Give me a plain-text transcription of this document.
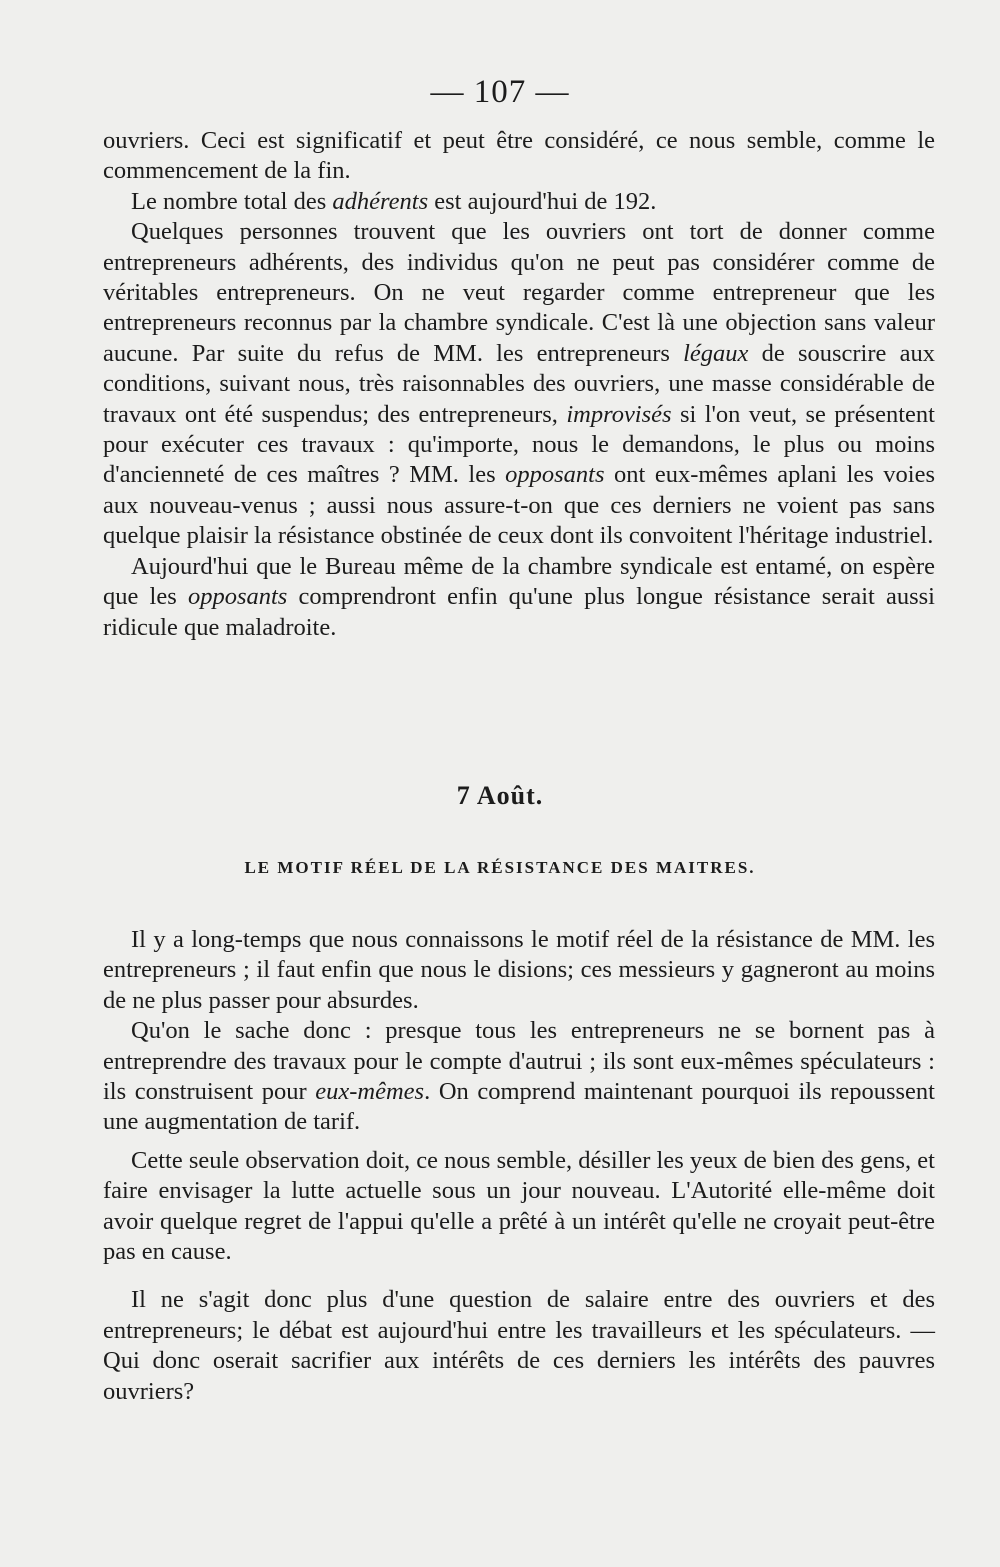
— 107 —

ouvriers. Ceci est significatif et peut être considéré, ce nous semble, comme le commencement de la fin.

Le nombre total des adhérents est aujourd'hui de 192.

Quelques personnes trouvent que les ouvriers ont tort de donner comme entrepreneurs adhérents, des individus qu'on ne peut pas considérer comme de véritables entrepreneurs. On ne veut regarder comme entrepreneur que les entrepreneurs reconnus par la chambre syndicale. C'est là une objection sans valeur aucune. Par suite du refus de MM. les entrepreneurs légaux de souscrire aux conditions, suivant nous, très raisonnables des ouvriers, une masse considérable de travaux ont été suspendus; des entrepreneurs, improvisés si l'on veut, se présentent pour exécuter ces travaux : qu'importe, nous le demandons, le plus ou moins d'ancienneté de ces maîtres ? MM. les opposants ont eux-mêmes aplani les voies aux nouveau-venus ; aussi nous assure-t-on que ces derniers ne voient pas sans quelque plaisir la résistance obstinée de ceux dont ils convoitent l'héritage industriel.

Aujourd'hui que le Bureau même de la chambre syndicale est entamé, on espère que les opposants comprendront enfin qu'une plus longue résistance serait aussi ridicule que maladroite.

7 Août.
LE MOTIF RÉEL DE LA RÉSISTANCE DES MAITRES.

Il y a long-temps que nous connaissons le motif réel de la résistance de MM. les entrepreneurs ; il faut enfin que nous le disions; ces messieurs y gagneront au moins de ne plus passer pour absurdes.

Qu'on le sache donc : presque tous les entrepreneurs ne se bornent pas à entreprendre des travaux pour le compte d'autrui ; ils sont eux-mêmes spéculateurs : ils construisent pour eux-mêmes. On comprend maintenant pourquoi ils repoussent une augmentation de tarif.

Cette seule observation doit, ce nous semble, désiller les yeux de bien des gens, et faire envisager la lutte actuelle sous un jour nouveau. L'Autorité elle-même doit avoir quelque regret de l'appui qu'elle a prêté à un intérêt qu'elle ne croyait peut-être pas en cause.

Il ne s'agit donc plus d'une question de salaire entre des ouvriers et des entrepreneurs; le débat est aujourd'hui entre les travailleurs et les spéculateurs. — Qui donc oserait sacrifier aux intérêts de ces derniers les intérêts des pauvres ouvriers?
